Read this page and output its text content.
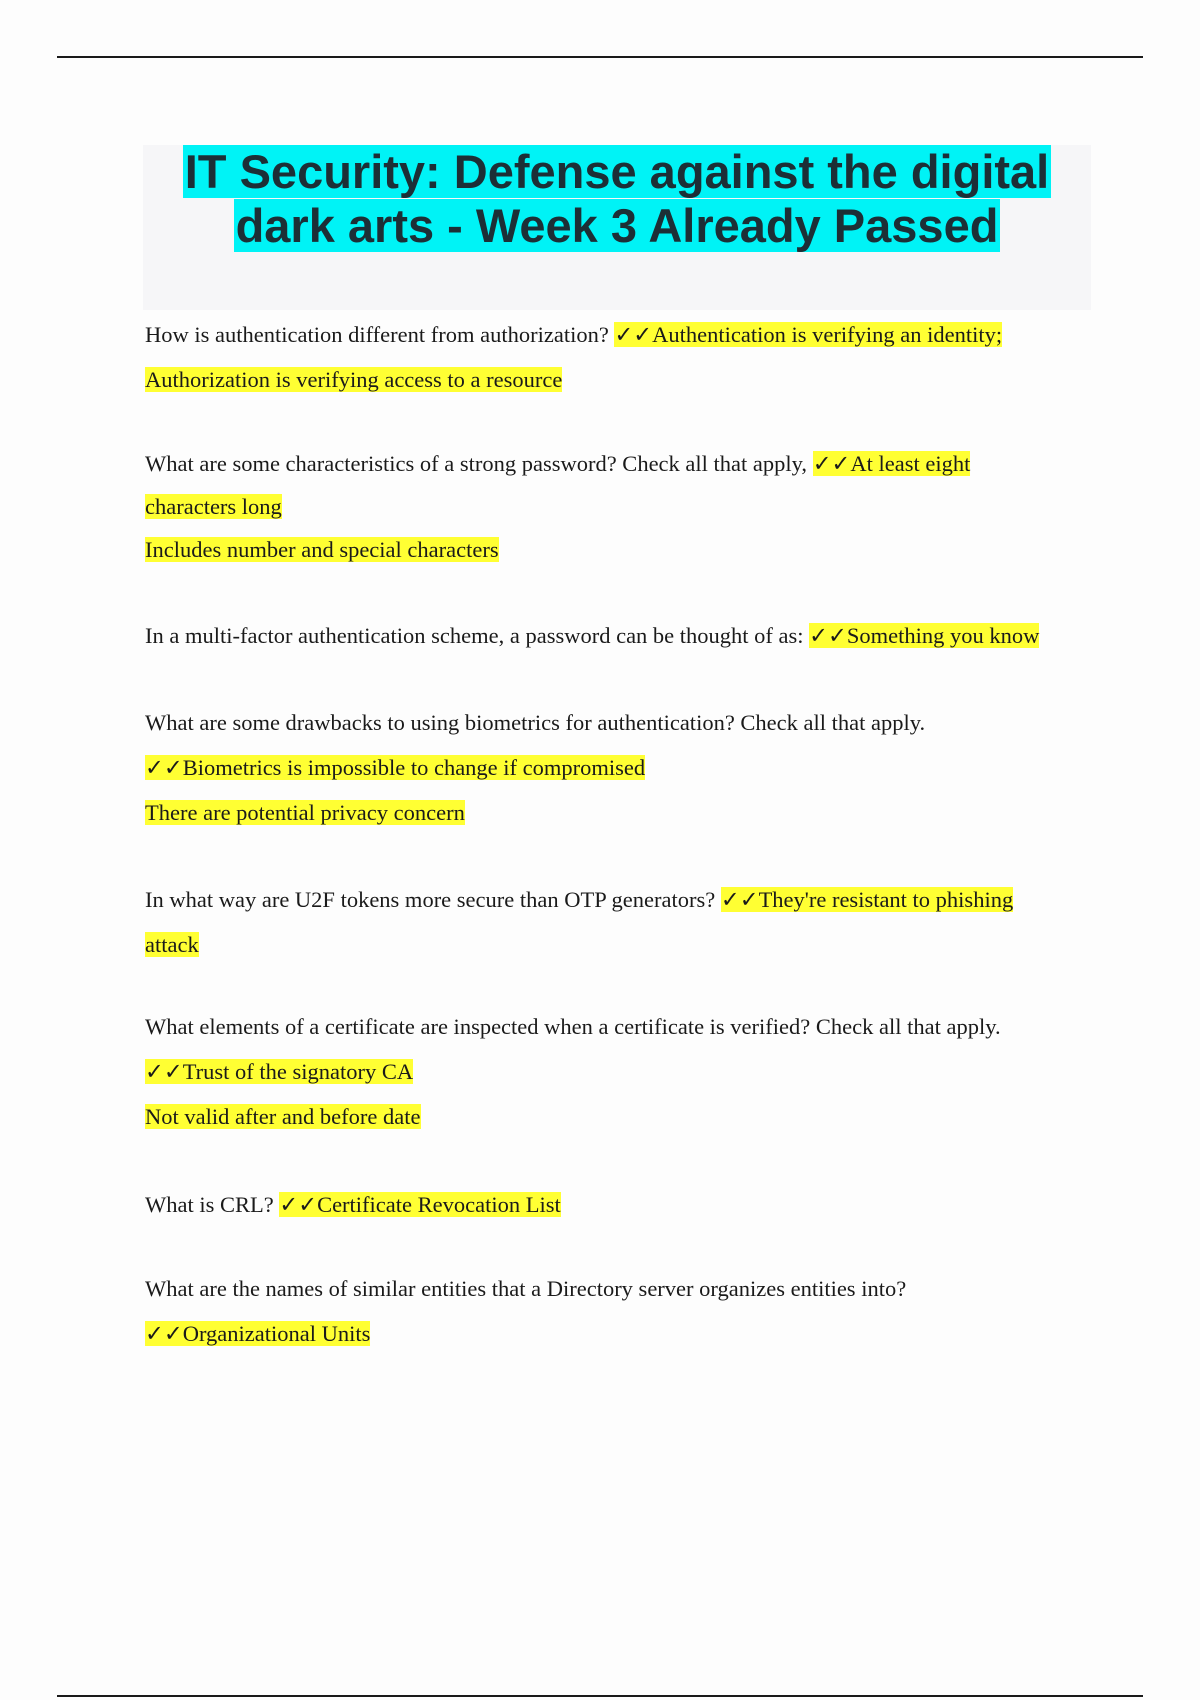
IT Security: Defense against the digital
dark arts - Week 3 Already Passed
How is authentication different from authorization? ✓✓Authentication is verifying an identity;
Authorization is verifying access to a resource
What are some characteristics of a strong password? Check all that apply, ✓✓At least eight
characters long
Includes number and special characters
In a multi-factor authentication scheme, a password can be thought of as: ✓✓Something you know
What are some drawbacks to using biometrics for authentication? Check all that apply.
✓✓Biometrics is impossible to change if compromised
There are potential privacy concern
In what way are U2F tokens more secure than OTP generators? ✓✓They're resistant to phishing
attack
What elements of a certificate are inspected when a certificate is verified? Check all that apply.
✓✓Trust of the signatory CA
Not valid after and before date
What is CRL? ✓✓Certificate Revocation List
What are the names of similar entities that a Directory server organizes entities into?
✓✓Organizational Units
